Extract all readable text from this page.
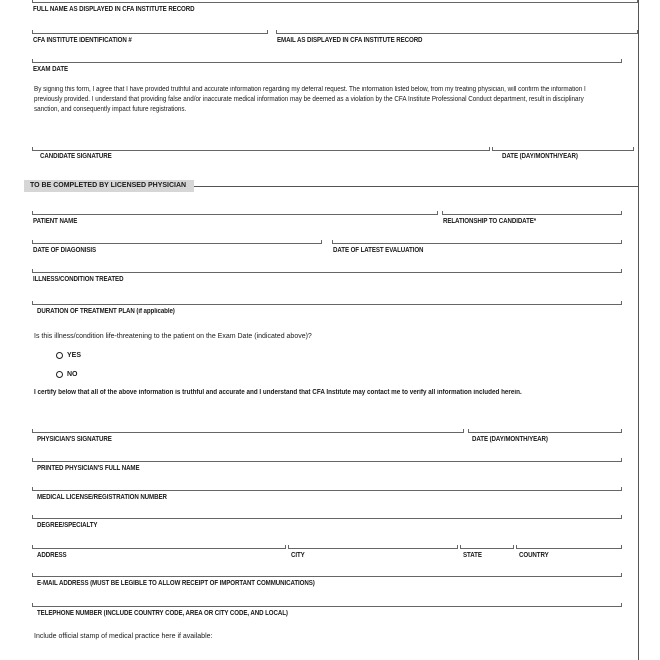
FULL NAME AS DISPLAYED IN CFA INSTITUTE RECORD
CFA INSTITUTE IDENTIFICATION #	EMAIL AS DISPLAYED IN CFA INSTITUTE RECORD
EXAM DATE
By signing this form, I agree that I have provided truthful and accurate information regarding my deferral request. The information listed below, from my treating physician, will confirm the information I previously provided. I understand that providing false and/or inaccurate medical information may be deemed as a violation by the CFA Institute Professional Conduct department, result in disciplinary sanction, and consequently impact future registrations.
CANDIDATE SIGNATURE	DATE (DAY/MONTH/YEAR)
TO BE COMPLETED BY LICENSED PHYSICIAN
PATIENT NAME	RELATIONSHIP TO CANDIDATE*
DATE OF DIAGONISIS	DATE OF LATEST EVALUATION
ILLNESS/CONDITION TREATED
DURATION OF TREATMENT PLAN (if applicable)
Is this illness/condition life-threatening to the patient on the Exam Date (indicated above)?
YES
NO
I certify below that all of the above information is truthful and accurate and I understand that CFA Institute may contact me to verify all information included herein.
PHYSICIAN'S SIGNATURE	DATE (DAY/MONTH/YEAR)
PRINTED PHYSICIAN'S FULL NAME
MEDICAL LICENSE/REGISTRATION NUMBER
DEGREE/SPECIALTY
ADDRESS	CITY	STATE	COUNTRY
E-MAIL ADDRESS (MUST BE LEGIBLE TO ALLOW RECEIPT OF IMPORTANT COMMUNICATIONS)
TELEPHONE NUMBER (INCLUDE COUNTRY CODE, AREA OR CITY CODE, AND LOCAL)
Include official stamp of medical practice here if available:
